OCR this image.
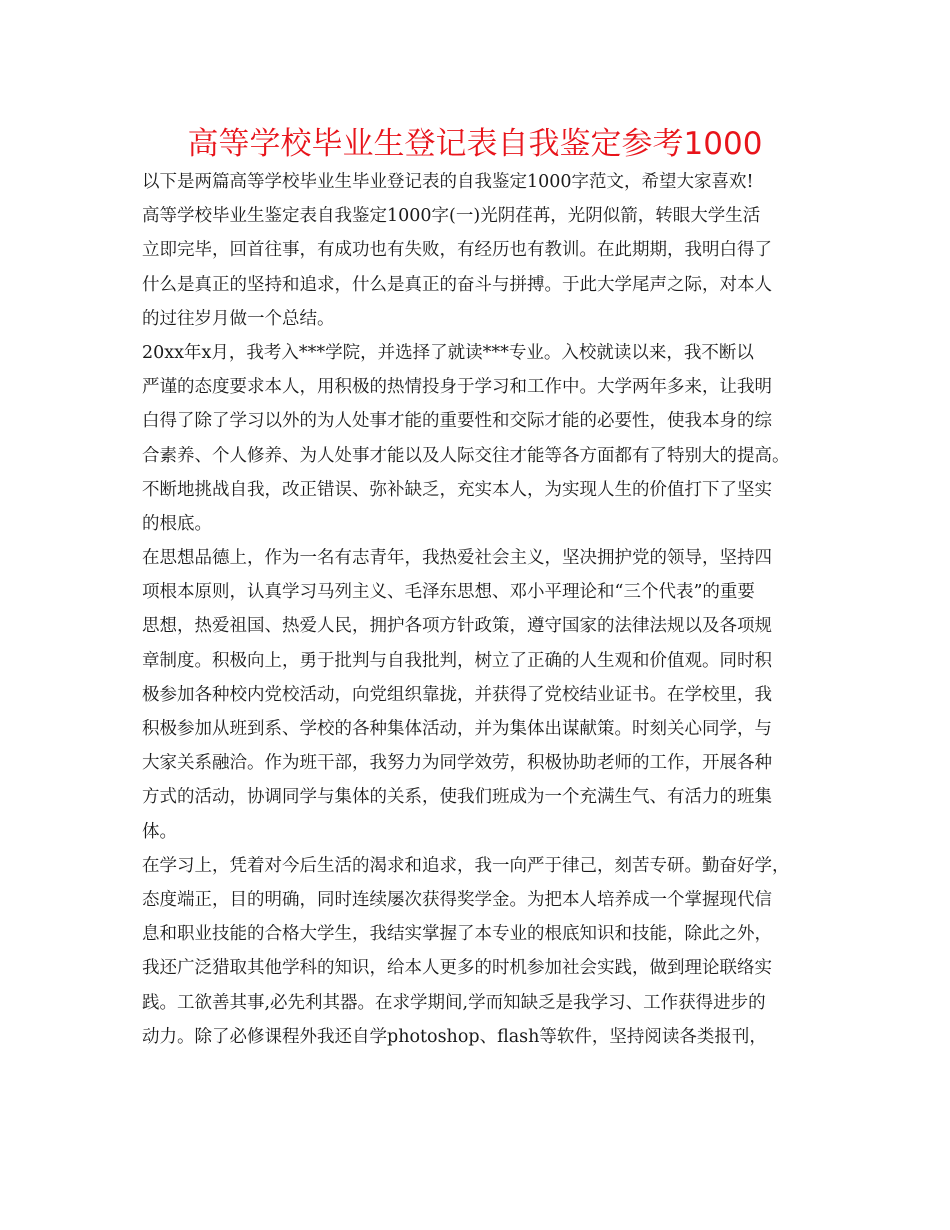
高等学校毕业生登记表自我鉴定参考1000
以下是两篇高等学校毕业生毕业登记表的自我鉴定1000字范文，希望大家喜欢!
高等学校毕业生鉴定表自我鉴定1000字(一)光阴荏苒，光阴似箭，转眼大学生活
立即完毕，回首往事，有成功也有失败，有经历也有教训。在此期期，我明白得了
什么是真正的坚持和追求，什么是真正的奋斗与拼搏。于此大学尾声之际，对本人
的过往岁月做一个总结。
20xx年x月，我考入***学院，并选择了就读***专业。入校就读以来，我不断以
严谨的态度要求本人，用积极的热情投身于学习和工作中。大学两年多来，让我明
白得了除了学习以外的为人处事才能的重要性和交际才能的必要性，使我本身的综
合素养、个人修养、为人处事才能以及人际交往才能等各方面都有了特别大的提高。
不断地挑战自我，改正错误、弥补缺乏，充实本人，为实现人生的价值打下了坚实
的根底。
在思想品德上，作为一名有志青年，我热爱社会主义，坚决拥护党的领导，坚持四
项根本原则，认真学习马列主义、毛泽东思想、邓小平理论和“三个代表”的重要
思想，热爱祖国、热爱人民，拥护各项方针政策，遵守国家的法律法规以及各项规
章制度。积极向上，勇于批判与自我批判，树立了正确的人生观和价值观。同时积
极参加各种校内党校活动，向党组织靠拢，并获得了党校结业证书。在学校里，我
积极参加从班到系、学校的各种集体活动，并为集体出谋献策。时刻关心同学，与
大家关系融洽。作为班干部，我努力为同学效劳，积极协助老师的工作，开展各种
方式的活动，协调同学与集体的关系，使我们班成为一个充满生气、有活力的班集
体。
在学习上，凭着对今后生活的渴求和追求，我一向严于律己，刻苦专研。勤奋好学，
态度端正，目的明确，同时连续屡次获得奖学金。为把本人培养成一个掌握现代信
息和职业技能的合格大学生，我结实掌握了本专业的根底知识和技能，除此之外，
我还广泛猎取其他学科的知识，给本人更多的时机参加社会实践，做到理论联络实
践。工欲善其事,必先利其器。在求学期间,学而知缺乏是我学习、工作获得进步的
动力。除了必修课程外我还自学photoshop、flash等软件，坚持阅读各类报刊，
